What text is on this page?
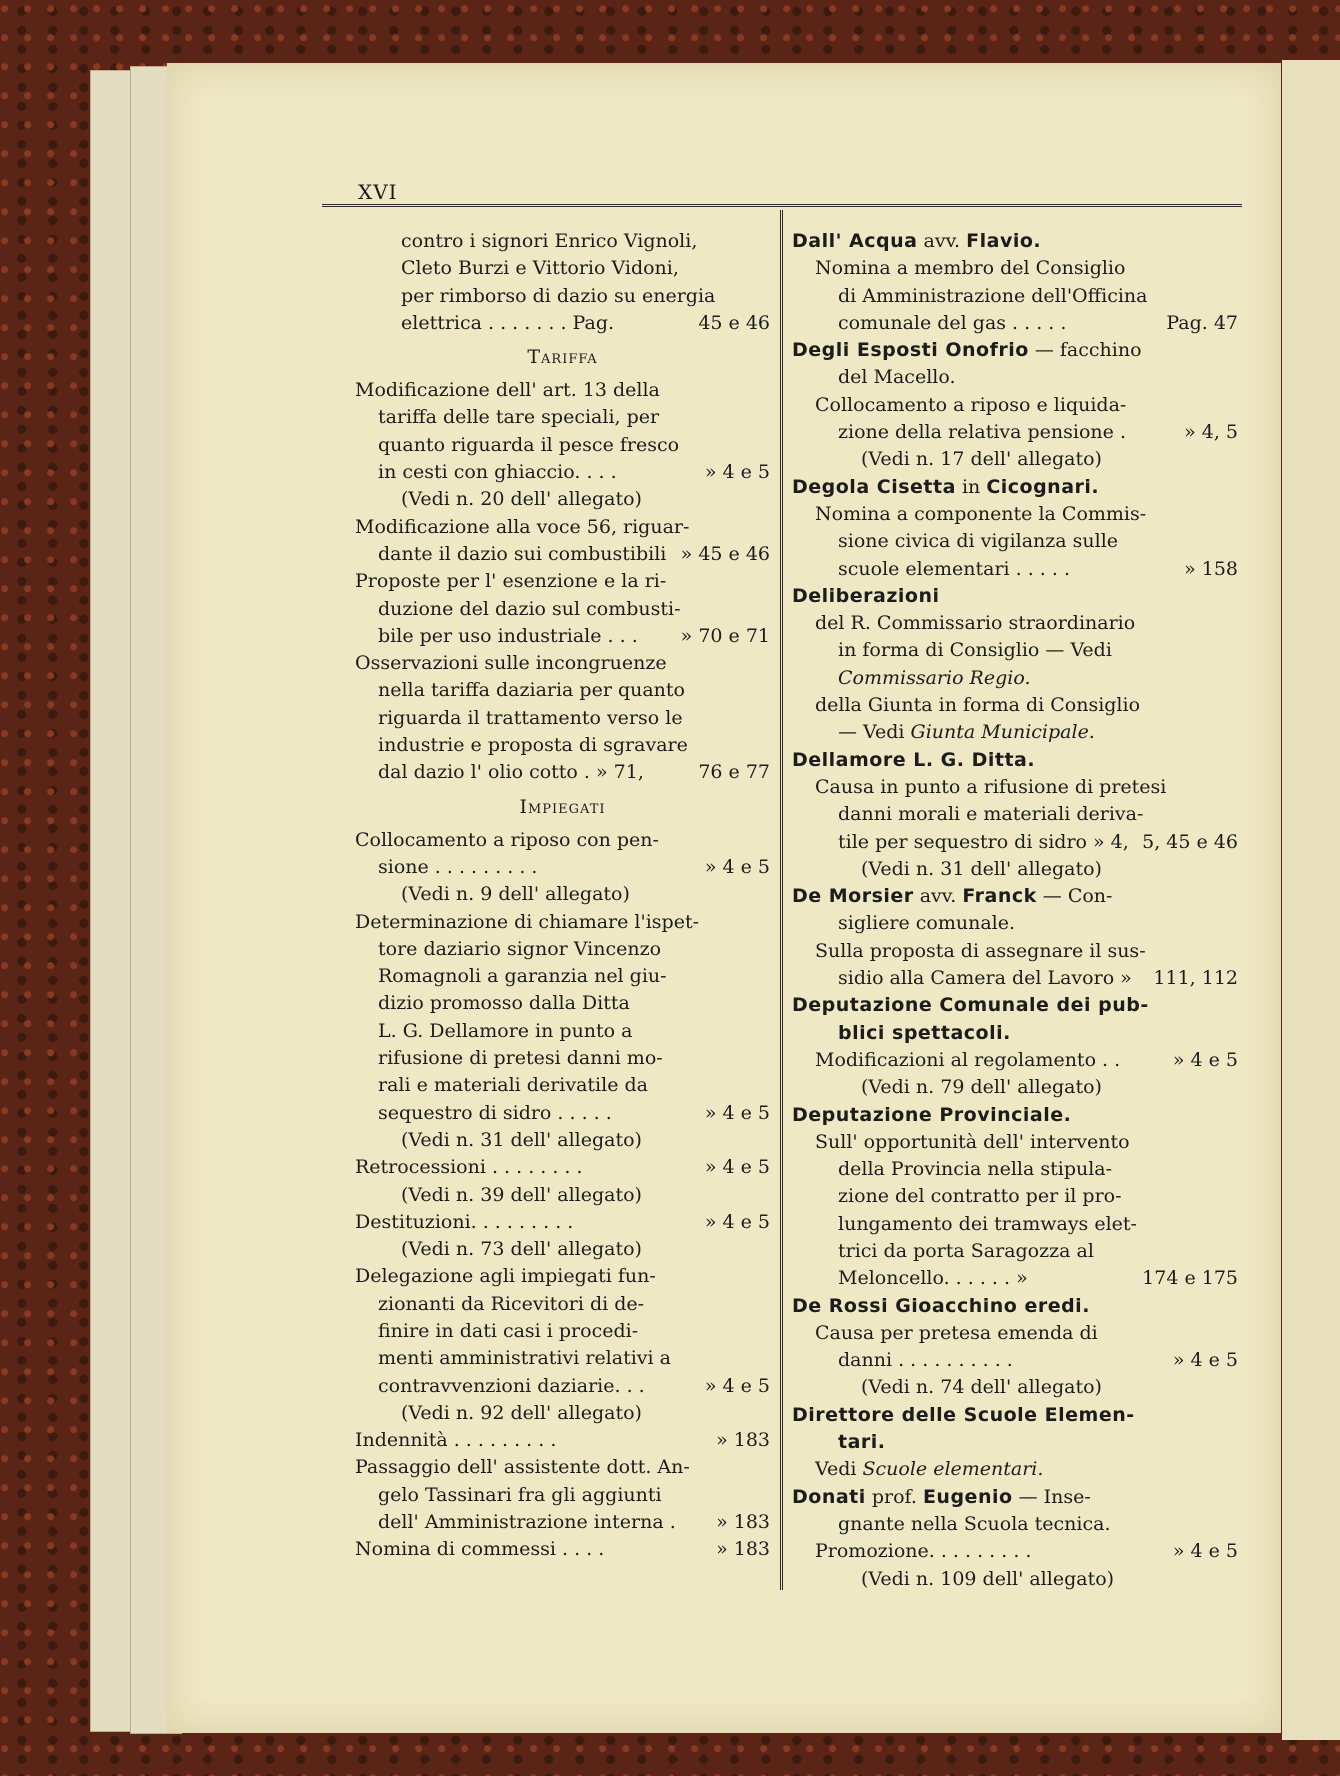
XVI
contro i signori Enrico Vignoli,
Cleto Burzi e Vittorio Vidoni,
per rimborso di dazio su energia
elettrica . . . . . . . Pag.	45 e 46
Tariffa
Modificazione dell' art. 13 della
tariffa delle tare speciali, per
quanto riguarda il pesce fresco
in cesti con ghiaccio. . . .	» 4 e 5
(Vedi n. 20 dell' allegato)
Modificazione alla voce 56, riguar-
dante il dazio sui combustibili » 45 e 46
Proposte per l' esenzione e la ri-
duzione del dazio sul combusti-
bile per uso industriale . . . » 70 e 71
Osservazioni sulle incongruenze
nella tariffa daziaria per quanto
riguarda il trattamento verso le
industrie e proposta di sgravare
dal dazio l' olio cotto . » 71,	76 e 77
Impiegati
Collocamento a riposo con pen-
sione . . . . . . . . .	» 4 e 5
(Vedi n. 9 dell' allegato)
Determinazione di chiamare l'ispet-
tore daziario signor Vincenzo
Romagnoli a garanzia nel giu-
dizio promosso dalla Ditta
L. G. Dellamore in punto a
rifusione di pretesi danni mo-
rali e materiali derivatile da
sequestro di sidro . . . . .	» 4 e 5
(Vedi n. 31 dell' allegato)
Retrocessioni . . . . . . . .	» 4 e 5
(Vedi n. 39 dell' allegato)
Destituzioni. . . . . . . . .	» 4 e 5
(Vedi n. 73 dell' allegato)
Delegazione agli impiegati fun-
zionanti da Ricevitori di de-
finire in dati casi i procedi-
menti amministrativi relativi a
contravvenzioni daziarie. . .	» 4 e 5
(Vedi n. 92 dell' allegato)
Indennità . . . . . . . . .	» 183
Passaggio dell' assistente dott. An-
gelo Tassinari fra gli aggiunti
dell' Amministrazione interna . » 183
Nomina di commessi . . . .	» 183
Dall' Acqua avv. Flavio.
Nomina a membro del Consiglio
di Amministrazione dell'Officina
comunale del gas . . . . .	Pag. 47
Degli Esposti Onofrio — facchino
del Macello.
Collocamento a riposo e liquida-
zione della relativa pensione .	» 4, 5
(Vedi n. 17 dell' allegato)
Degola Cisetta in Cicognari.
Nomina a componente la Commis-
sione civica di vigilanza sulle
scuole elementari . . . . .	» 158
Deliberazioni
del R. Commissario straordinario
in forma di Consiglio — Vedi
Commissario Regio.
della Giunta in forma di Consiglio
— Vedi Giunta Municipale.
Dellamore L. G. Ditta.
Causa in punto a rifusione di pretesi
danni morali e materiali deriva-
tile per sequestro di sidro » 4, 5, 45 e 46
(Vedi n. 31 dell' allegato)
De Morsier avv. Franck — Con-
sigliere comunale.
Sulla proposta di assegnare il sus-
sidio alla Camera del Lavoro » 111, 112
Deputazione Comunale dei pub-
blici spettacoli.
Modificazioni al regolamento . .	» 4 e 5
(Vedi n. 79 dell' allegato)
Deputazione Provinciale.
Sull' opportunità dell' intervento
della Provincia nella stipula-
zione del contratto per il pro-
lungamento dei tramways elet-
trici da porta Saragozza al
Meloncello. . . . . . »	174 e 175
De Rossi Gioacchino eredi.
Causa per pretesa emenda di
danni . . . . . . . . . .	» 4 e 5
(Vedi n. 74 dell' allegato)
Direttore delle Scuole Elemen-
tari.
Vedi Scuole elementari.
Donati prof. Eugenio — Inse-
gnante nella Scuola tecnica.
Promozione. . . . . . . . .	» 4 e 5
(Vedi n. 109 dell' allegato)
